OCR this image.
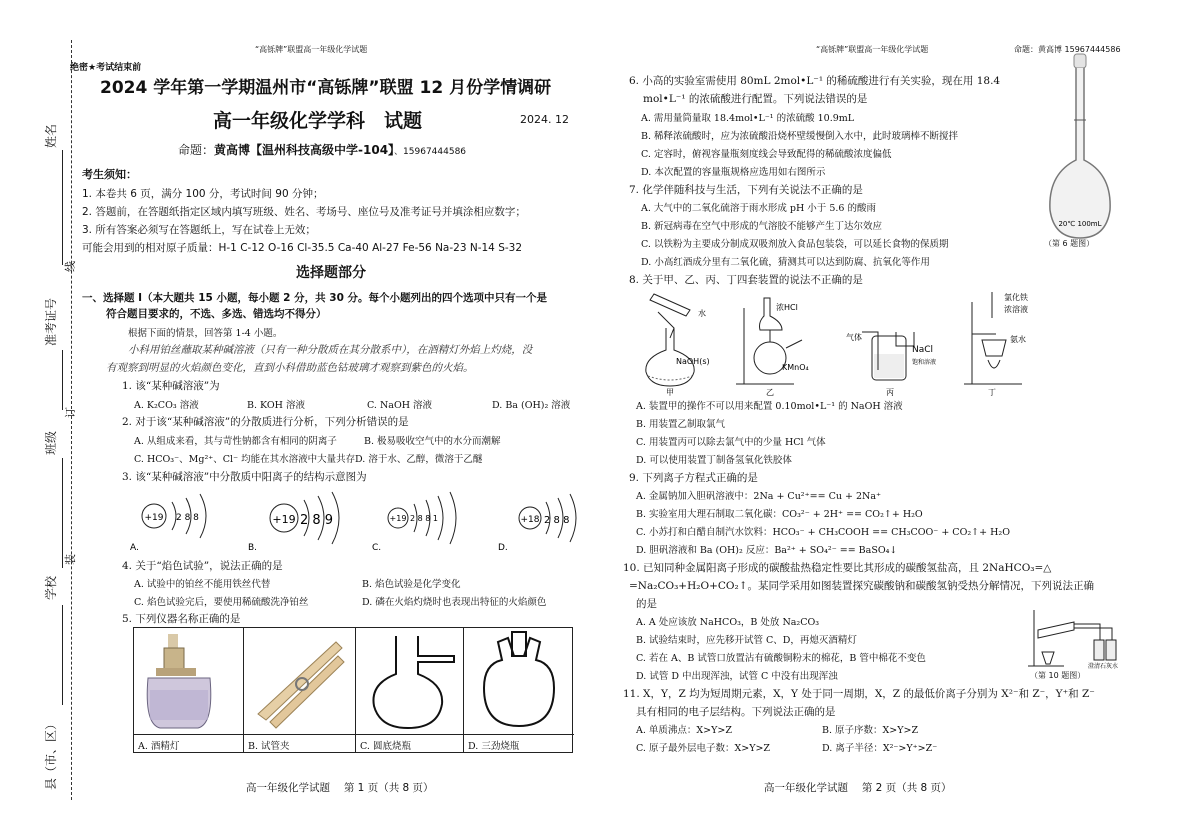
姓名
准考证号
班级
学校
县（市、区）
线
订
装
“高铄牌”联盟高一年级化学试题
绝密★考试结束前
2024 学年第一学期温州市“高铄牌”联盟 12 月份学情调研
高一年级化学学科　试题	2024. 12
命题：黄高博【温州科技高级中学-104】、15967444586
考生须知：
1. 本卷共 6 页，满分 100 分，考试时间 90 分钟；
2. 答题前，在答题纸指定区域内填写班级、姓名、考场号、座位号及准考证号并填涂相应数字；
3. 所有答案必须写在答题纸上，写在试卷上无效；
可能会用到的相对原子质量：H-1 C-12 O-16 Cl-35.5 Ca-40 Al-27 Fe-56 Na-23 N-14 S-32
选择题部分
一、选择题 I（本大题共 15 小题，每小题 2 分，共 30 分。每个小题列出的四个选项中只有一个是
符合题目要求的，不选、多选、错选均不得分）
根据下面的情景，回答第 1-4 小题。
小科用铂丝蘸取某种碱溶液（只有一种分散质在其分散系中），在酒精灯外焰上灼烧，没
有观察到明显的火焰颜色变化，直到小科借助蓝色钴玻璃才观察到紫色的火焰。
1. 该“某种碱溶液”为
A. K₂CO₃ 溶液	B. KOH 溶液	C. NaOH 溶液	D. Ba (OH)₂ 溶液
2. 对于该“某种碱溶液”的分散质进行分析，下列分析错误的是
A. 从组成来看，其与苛性钠都含有相同的阴离子	B. 极易吸收空气中的水分而潮解
C. HCO₃⁻、Mg²⁺、Cl⁻ 均能在其水溶液中大量共存 D. 溶于水、乙醇，微溶于乙醚
3. 该“某种碱溶液”中分散质中阳离子的结构示意图为
+19 2 8 8
A.
+19 2 8 9
B.
+19 2 8 8 1
C.
+18 2 8 8
D.
4. 关于“焰色试验”，说法正确的是
A. 试验中的铂丝不能用铁丝代替	B. 焰色试验是化学变化
C. 焰色试验完后，要使用稀硫酸洗净铂丝	D. 磷在火焰灼烧时也表现出特征的火焰颜色
5. 下列仪器名称正确的是
A. 酒精灯	B. 试管夹	C. 圆底烧瓶	D. 三劲烧瓶
高一年级化学试题　 第 1 页（共 8 页）
“高铄牌”联盟高一年级化学试题	命题：黄高博 15967444586
6. 小高的实验室需使用 80mL 2mol•L⁻¹ 的稀硫酸进行有关实验，现在用 18.4
mol•L⁻¹ 的浓硫酸进行配置。下列说法错误的是
A. 需用量筒量取 18.4mol•L⁻¹ 的浓硫酸 10.9mL
B. 稀释浓硫酸时，应为浓硫酸沿烧杯壁缓慢倒入水中，此时玻璃棒不断搅拌
C. 定容时，俯视容量瓶刻度线会导致配得的稀硫酸浓度偏低
D. 本次配置的容量瓶规格应选用如右图所示
20℃ 100mL
（第 6 题图）
7. 化学伴随科技与生活，下列有关说法不正确的是
A. 大气中的二氧化硫溶于雨水形成 pH 小于 5.6 的酸雨
B. 新冠病毒在空气中形成的气溶胶不能够产生丁达尔效应
C. 以铁粉为主要成分制成双吸剂放入食品包装袋，可以延长食物的保质期
D. 小高红酒成分里有二氧化硫，猜测其可以达到防腐、抗氧化等作用
8. 关于甲、乙、丙、丁四套装置的说法不正确的是
水
NaOH(s)
甲
浓HCl
KMnO₄
乙
气体
NaCl
饱和溶液
丙
氯化铁
浓溶液
氨水
丁
A. 装置甲的操作不可以用来配置 0.10mol•L⁻¹ 的 NaOH 溶液
B. 用装置乙制取氯气
C. 用装置丙可以除去氯气中的少量 HCl 气体
D. 可以使用装置丁制备氢氧化铁胶体
9. 下列离子方程式正确的是
A. 金属钠加入胆矾溶液中：2Na + Cu²⁺== Cu + 2Na⁺
B. 实验室用大理石制取二氧化碳：CO₃²⁻ + 2H⁺ == CO₂↑+ H₂O
C. 小苏打和白醋自制汽水饮料：HCO₃⁻ + CH₃COOH == CH₃COO⁻ + CO₂↑+ H₂O
D. 胆矾溶液和 Ba (OH)₂ 反应：Ba²⁺ + SO₄²⁻ == BaSO₄↓
10. 已知同种金属阳离子形成的碳酸盐热稳定性要比其形成的碳酸氢盐高，且 2NaHCO₃=△
=Na₂CO₃+H₂O+CO₂↑。某同学采用如图装置探究碳酸钠和碳酸氢钠受热分解情况，下列说法正确
的是
A. A 处应该放 NaHCO₃，B 处放 Na₂CO₃
B. 试验结束时，应先移开试管 C、D，再熄灭酒精灯
C. 若在 A、B 试管口放置沾有硫酸铜粉末的棉花，B 管中棉花不变色
D. 试管 D 中出现浑浊，试管 C 中没有出现浑浊
澄清石灰水
（第 10 题图）
11. X，Y，Z 均为短周期元素，X，Y 处于同一周期，X，Z 的最低价离子分别为 X²⁻和 Z⁻，Y⁺和 Z⁻
具有相同的电子层结构。下列说法正确的是
A. 单质沸点：X>Y>Z	B. 原子序数：X>Y>Z
C. 原子最外层电子数：X>Y>Z	D. 离子半径：X²⁻>Y⁺>Z⁻
高一年级化学试题　 第 2 页（共 8 页）
